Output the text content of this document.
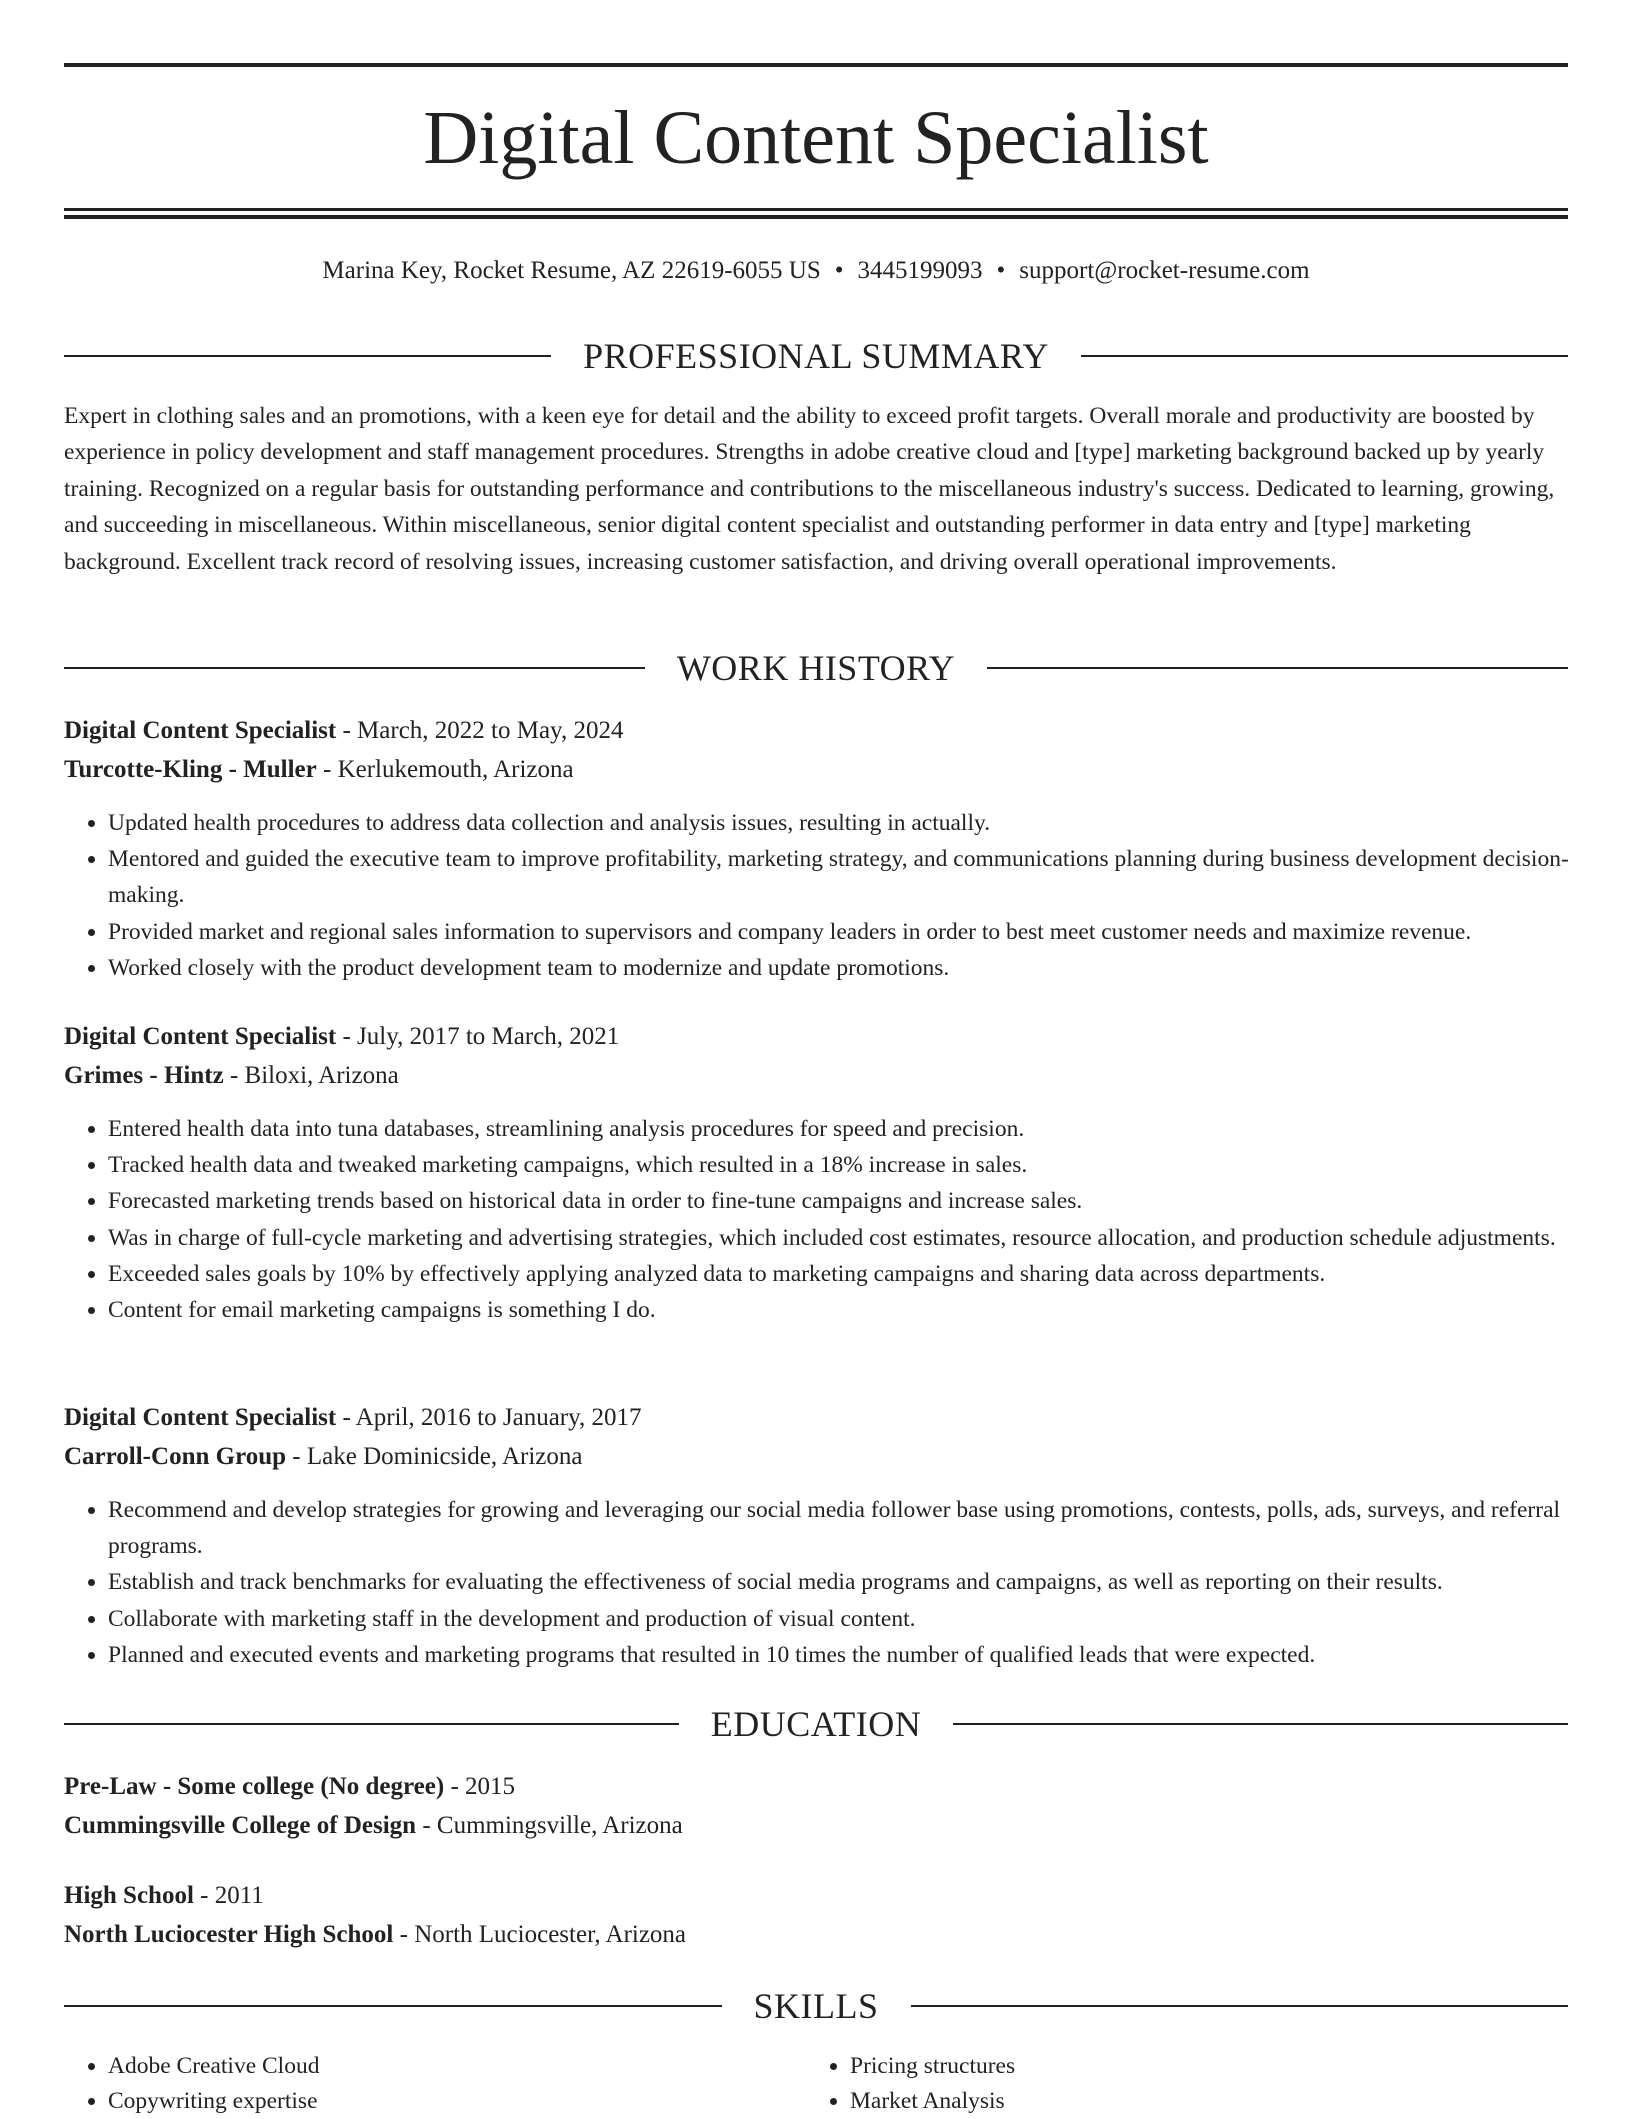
Digital Content Specialist
Marina Key, Rocket Resume, AZ 22619-6055 US • 3445199093 • support@rocket-resume.com
PROFESSIONAL SUMMARY

Expert in clothing sales and an promotions, with a keen eye for detail and the ability to exceed profit targets. Overall morale and productivity are boosted by experience in policy development and staff management procedures. Strengths in adobe creative cloud and [type] marketing background backed up by yearly training. Recognized on a regular basis for outstanding performance and contributions to the miscellaneous industry's success. Dedicated to learning, growing, and succeeding in miscellaneous. Within miscellaneous, senior digital content specialist and outstanding performer in data entry and [type] marketing background. Excellent track record of resolving issues, increasing customer satisfaction, and driving overall operational improvements.

WORK HISTORY
Digital Content Specialist - March, 2022 to May, 2024
Turcotte-Kling - Muller - Kerlukemouth, Arizona
• Updated health procedures to address data collection and analysis issues, resulting in actually.
• Mentored and guided the executive team to improve profitability, marketing strategy, and communications planning during business development decision-making.
• Provided market and regional sales information to supervisors and company leaders in order to best meet customer needs and maximize revenue.
• Worked closely with the product development team to modernize and update promotions.
Digital Content Specialist - July, 2017 to March, 2021
Grimes - Hintz - Biloxi, Arizona
• Entered health data into tuna databases, streamlining analysis procedures for speed and precision.
• Tracked health data and tweaked marketing campaigns, which resulted in a 18% increase in sales.
• Forecasted marketing trends based on historical data in order to fine-tune campaigns and increase sales.
• Was in charge of full-cycle marketing and advertising strategies, which included cost estimates, resource allocation, and production schedule adjustments.
• Exceeded sales goals by 10% by effectively applying analyzed data to marketing campaigns and sharing data across departments.
• Content for email marketing campaigns is something I do.
Digital Content Specialist - April, 2016 to January, 2017
Carroll-Conn Group - Lake Dominicside, Arizona
• Recommend and develop strategies for growing and leveraging our social media follower base using promotions, contests, polls, ads, surveys, and referral programs.
• Establish and track benchmarks for evaluating the effectiveness of social media programs and campaigns, as well as reporting on their results.
• Collaborate with marketing staff in the development and production of visual content.
• Planned and executed events and marketing programs that resulted in 10 times the number of qualified leads that were expected.
EDUCATION
Pre-Law - Some college (No degree) - 2015
Cummingsville College of Design - Cummingsville, Arizona
High School - 2011
North Luciocester High School - North Luciocester, Arizona
SKILLS
• Adobe Creative Cloud
• Copywriting expertise
• Pricing structures
• Market Analysis
